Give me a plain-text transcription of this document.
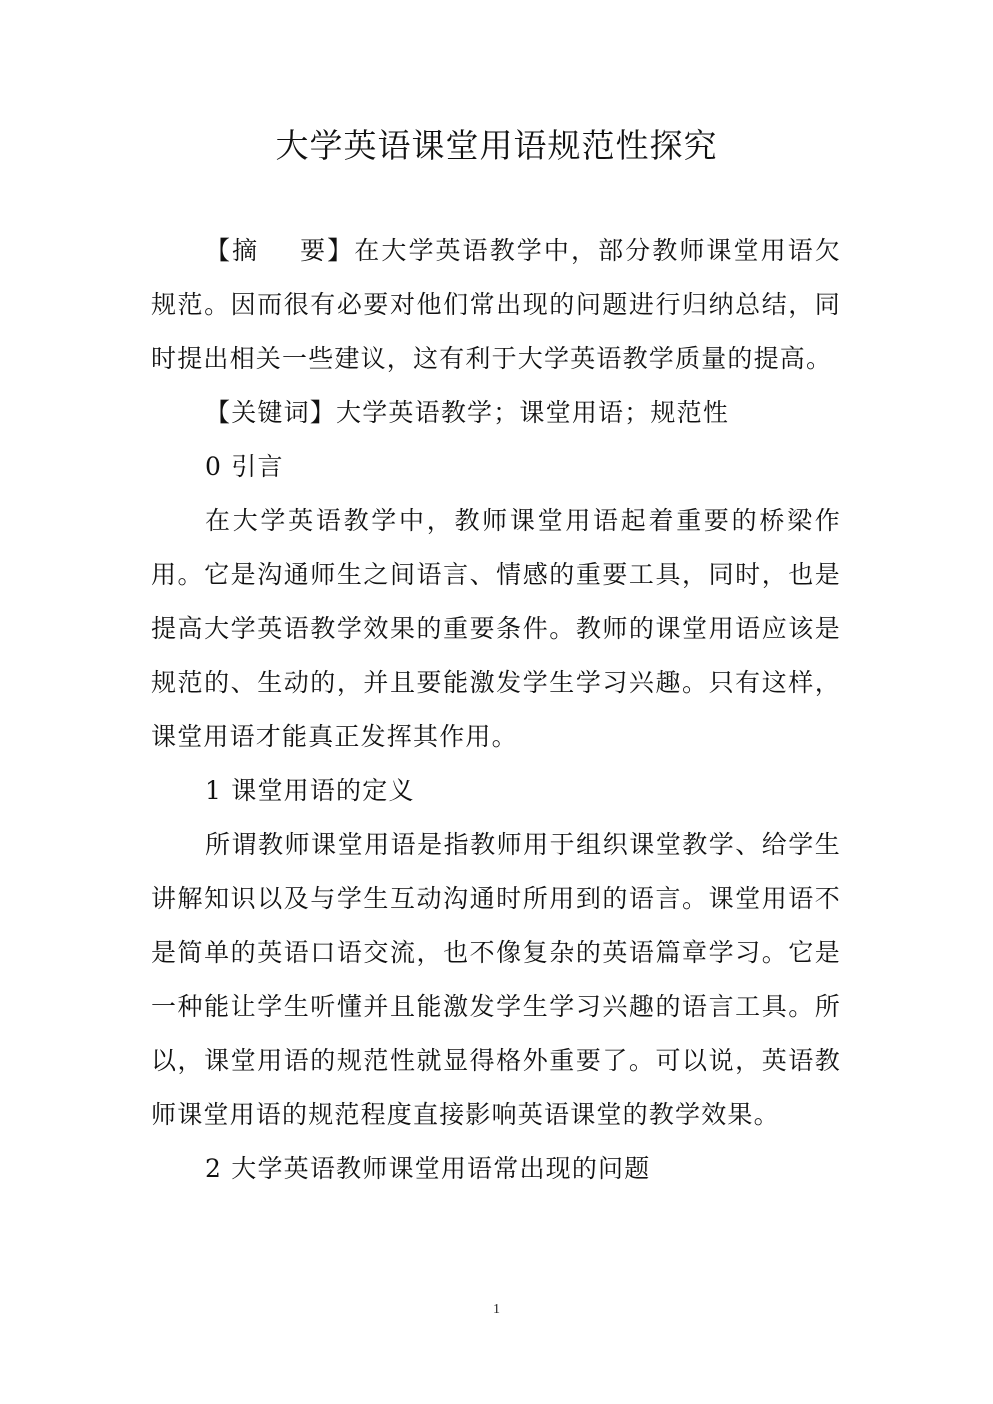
大学英语课堂用语规范性探究

【摘 要】在大学英语教学中，部分教师课堂用语欠规范。因而很有必要对他们常出现的问题进行归纳总结，同时提出相关一些建议，这有利于大学英语教学质量的提高。

【关键词】大学英语教学；课堂用语；规范性

0 引言

在大学英语教学中，教师课堂用语起着重要的桥梁作用。它是沟通师生之间语言、情感的重要工具，同时，也是提高大学英语教学效果的重要条件。教师的课堂用语应该是规范的、生动的，并且要能激发学生学习兴趣。只有这样，课堂用语才能真正发挥其作用。

1 课堂用语的定义

所谓教师课堂用语是指教师用于组织课堂教学、给学生讲解知识以及与学生互动沟通时所用到的语言。课堂用语不是简单的英语口语交流，也不像复杂的英语篇章学习。它是一种能让学生听懂并且能激发学生学习兴趣的语言工具。所以，课堂用语的规范性就显得格外重要了。可以说，英语教师课堂用语的规范程度直接影响英语课堂的教学效果。

2 大学英语教师课堂用语常出现的问题

1
